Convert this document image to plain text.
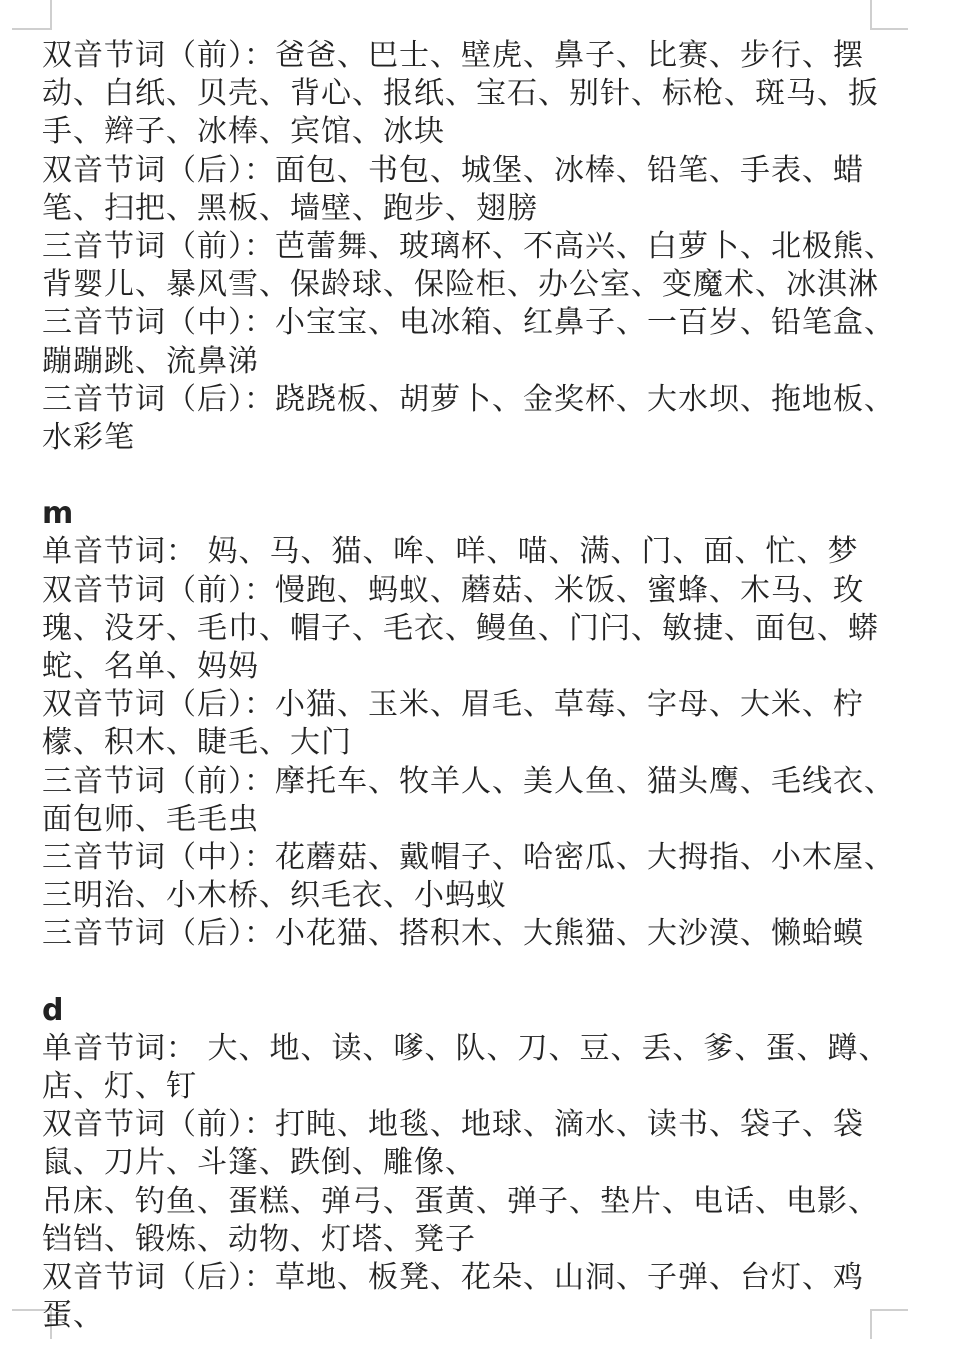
双音节词（前）：爸爸、巴士、壁虎、鼻子、比赛、步行、摆
动、白纸、贝壳、背心、报纸、宝石、别针、标枪、斑马、扳
手、辫子、冰棒、宾馆、冰块
双音节词（后）：面包、书包、城堡、冰棒、铅笔、手表、蜡
笔、扫把、黑板、墙壁、跑步、翅膀
三音节词（前）：芭蕾舞、玻璃杯、不高兴、白萝卜、北极熊、
背婴儿、暴风雪、保龄球、保险柜、办公室、变魔术、冰淇淋
三音节词（中）：小宝宝、电冰箱、红鼻子、一百岁、铅笔盒、
蹦蹦跳、流鼻涕
三音节词（后）：跷跷板、胡萝卜、金奖杯、大水坝、拖地板、
水彩笔
m
单音节词： 妈、马、猫、哞、咩、喵、满、门、面、忙、梦
双音节词（前）：慢跑、蚂蚁、蘑菇、米饭、蜜蜂、木马、玫
瑰、没牙、毛巾、帽子、毛衣、鳗鱼、门闩、敏捷、面包、蟒
蛇、名单、妈妈
双音节词（后）：小猫、玉米、眉毛、草莓、字母、大米、柠
檬、积木、睫毛、大门
三音节词（前）：摩托车、牧羊人、美人鱼、猫头鹰、毛线衣、
面包师、毛毛虫
三音节词（中）：花蘑菇、戴帽子、哈密瓜、大拇指、小木屋、
三明治、小木桥、织毛衣、小蚂蚁
三音节词（后）：小花猫、搭积木、大熊猫、大沙漠、懒蛤蟆
d
单音节词： 大、地、读、嗲、队、刀、豆、丢、爹、蛋、蹲、
店、灯、钉
双音节词（前）：打盹、地毯、地球、滴水、读书、袋子、袋
鼠、刀片、斗篷、跌倒、雕像、
吊床、钓鱼、蛋糕、弹弓、蛋黄、弹子、垫片、电话、电影、
铛铛、锻炼、动物、灯塔、凳子
双音节词（后）：草地、板凳、花朵、山洞、子弹、台灯、鸡
蛋、
